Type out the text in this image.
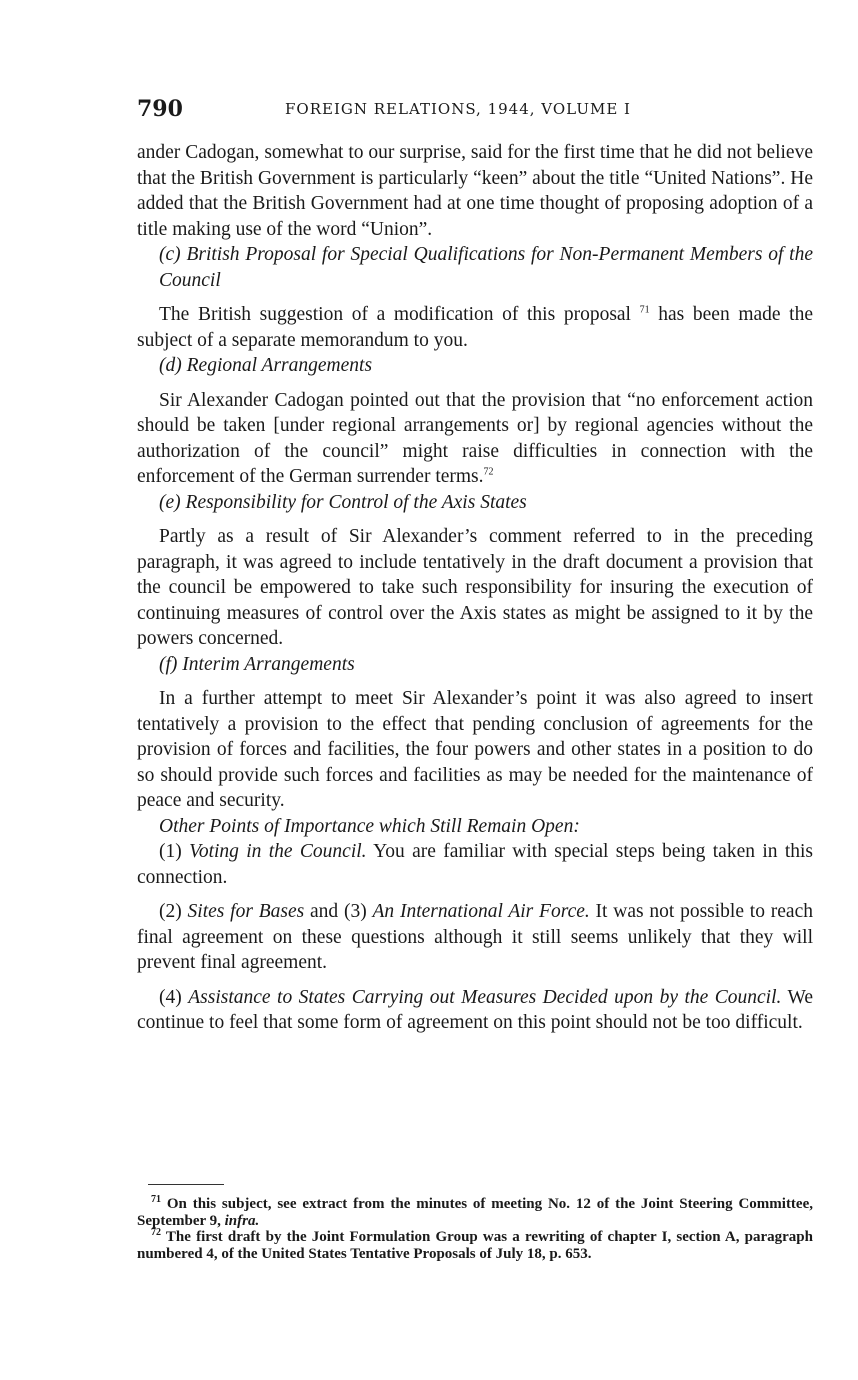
790	FOREIGN RELATIONS, 1944, VOLUME I

ander Cadogan, somewhat to our surprise, said for the first time that he did not believe that the British Government is particularly “keen” about the title “United Nations”. He added that the British Government had at one time thought of proposing adoption of a title making use of the word “Union”.

(c) British Proposal for Special Qualifications for Non-Permanent Members of the Council

The British suggestion of a modification of this proposal $^{71}$ has been made the subject of a separate memorandum to you.

(d) Regional Arrangements

Sir Alexander Cadogan pointed out that the provision that “no enforcement action should be taken [under regional arrangements or] by regional agencies without the authorization of the council” might raise difficulties in connection with the enforcement of the German surrender terms.$^{72}$

(e) Responsibility for Control of the Axis States

Partly as a result of Sir Alexander’s comment referred to in the preceding paragraph, it was agreed to include tentatively in the draft document a provision that the council be empowered to take such responsibility for insuring the execution of continuing measures of control over the Axis states as might be assigned to it by the powers concerned.

(f) Interim Arrangements

In a further attempt to meet Sir Alexander’s point it was also agreed to insert tentatively a provision to the effect that pending conclusion of agreements for the provision of forces and facilities, the four powers and other states in a position to do so should provide such forces and facilities as may be needed for the maintenance of peace and security.

Other Points of Importance which Still Remain Open:

(1) Voting in the Council. You are familiar with special steps being taken in this connection.

(2) Sites for Bases and (3) An International Air Force. It was not possible to reach final agreement on these questions although it still seems unlikely that they will prevent final agreement.

(4) Assistance to States Carrying out Measures Decided upon by the Council. We continue to feel that some form of agreement on this point should not be too difficult.

$^{71}$ On this subject, see extract from the minutes of meeting No. 12 of the Joint Steering Committee, September 9, infra.

$^{72}$ The first draft by the Joint Formulation Group was a rewriting of chapter I, section A, paragraph numbered 4, of the United States Tentative Proposals of July 18, p. 653.
